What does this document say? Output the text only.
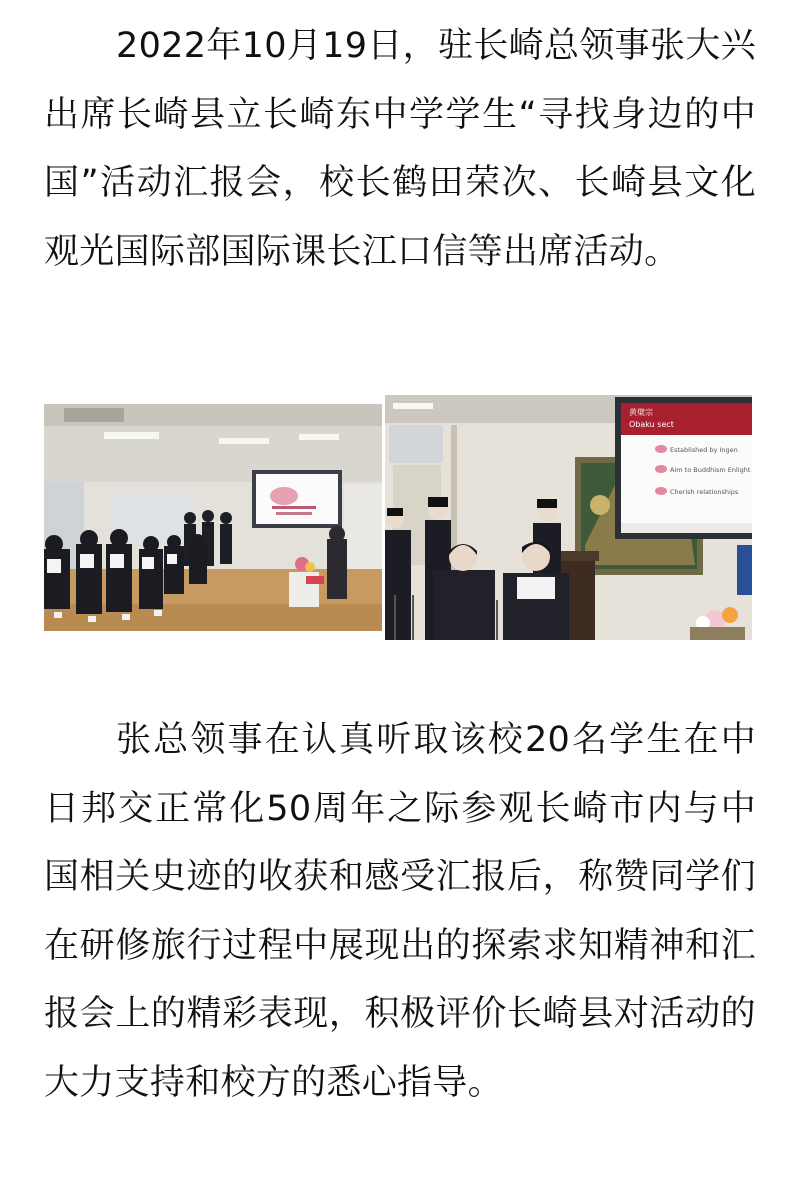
2022年10月19日，驻长崎总领事张大兴出席长崎县立长崎东中学学生“寻找身边的中国”活动汇报会，校长鹤田荣次、长崎县文化观光国际部国际课长江口信等出席活动。

黄檗宗
Obaku sect
Established by Ingen
Aim to Buddhism Enlight
Cherish relationships

张总领事在认真听取该校20名学生在中日邦交正常化50周年之际参观长崎市内与中国相关史迹的收获和感受汇报后，称赞同学们在研修旅行过程中展现出的探索求知精神和汇报会上的精彩表现，积极评价长崎县对活动的大力支持和校方的悉心指导。
